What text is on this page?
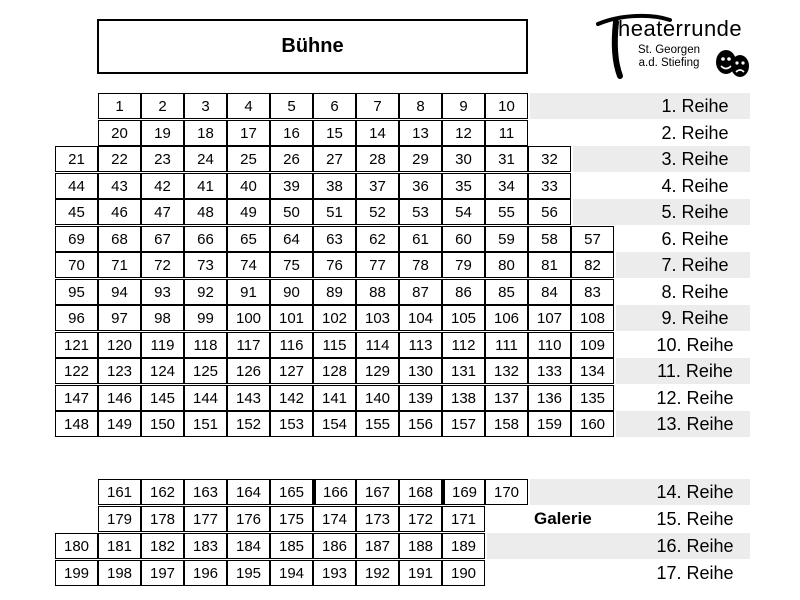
Bühne
heaterrunde
St. Georgen
a.d. Stiefing
Galerie
1	2	3	4	5	6	7	8	9	10	1. Reihe
20	19	18	17	16	15	14	13	12	11	2. Reihe
21	22	23	24	25	26	27	28	29	30	31	32	3. Reihe
44	43	42	41	40	39	38	37	36	35	34	33	4. Reihe
45	46	47	48	49	50	51	52	53	54	55	56	5. Reihe
69	68	67	66	65	64	63	62	61	60	59	58	57	6. Reihe
70	71	72	73	74	75	76	77	78	79	80	81	82	7. Reihe
95	94	93	92	91	90	89	88	87	86	85	84	83	8. Reihe
96	97	98	99	100	101	102	103	104	105	106	107	108	9. Reihe
121	120	119	118	117	116	115	114	113	112	111	110	109	10. Reihe
122	123	124	125	126	127	128	129	130	131	132	133	134	11. Reihe
147	146	145	144	143	142	141	140	139	138	137	136	135	12. Reihe
148	149	150	151	152	153	154	155	156	157	158	159	160	13. Reihe
161	162	163	164	165	166	167	168	169	170	14. Reihe
179	178	177	176	175	174	173	172	171	15. Reihe
180	181	182	183	184	185	186	187	188	189	16. Reihe
199	198	197	196	195	194	193	192	191	190	17. Reihe
